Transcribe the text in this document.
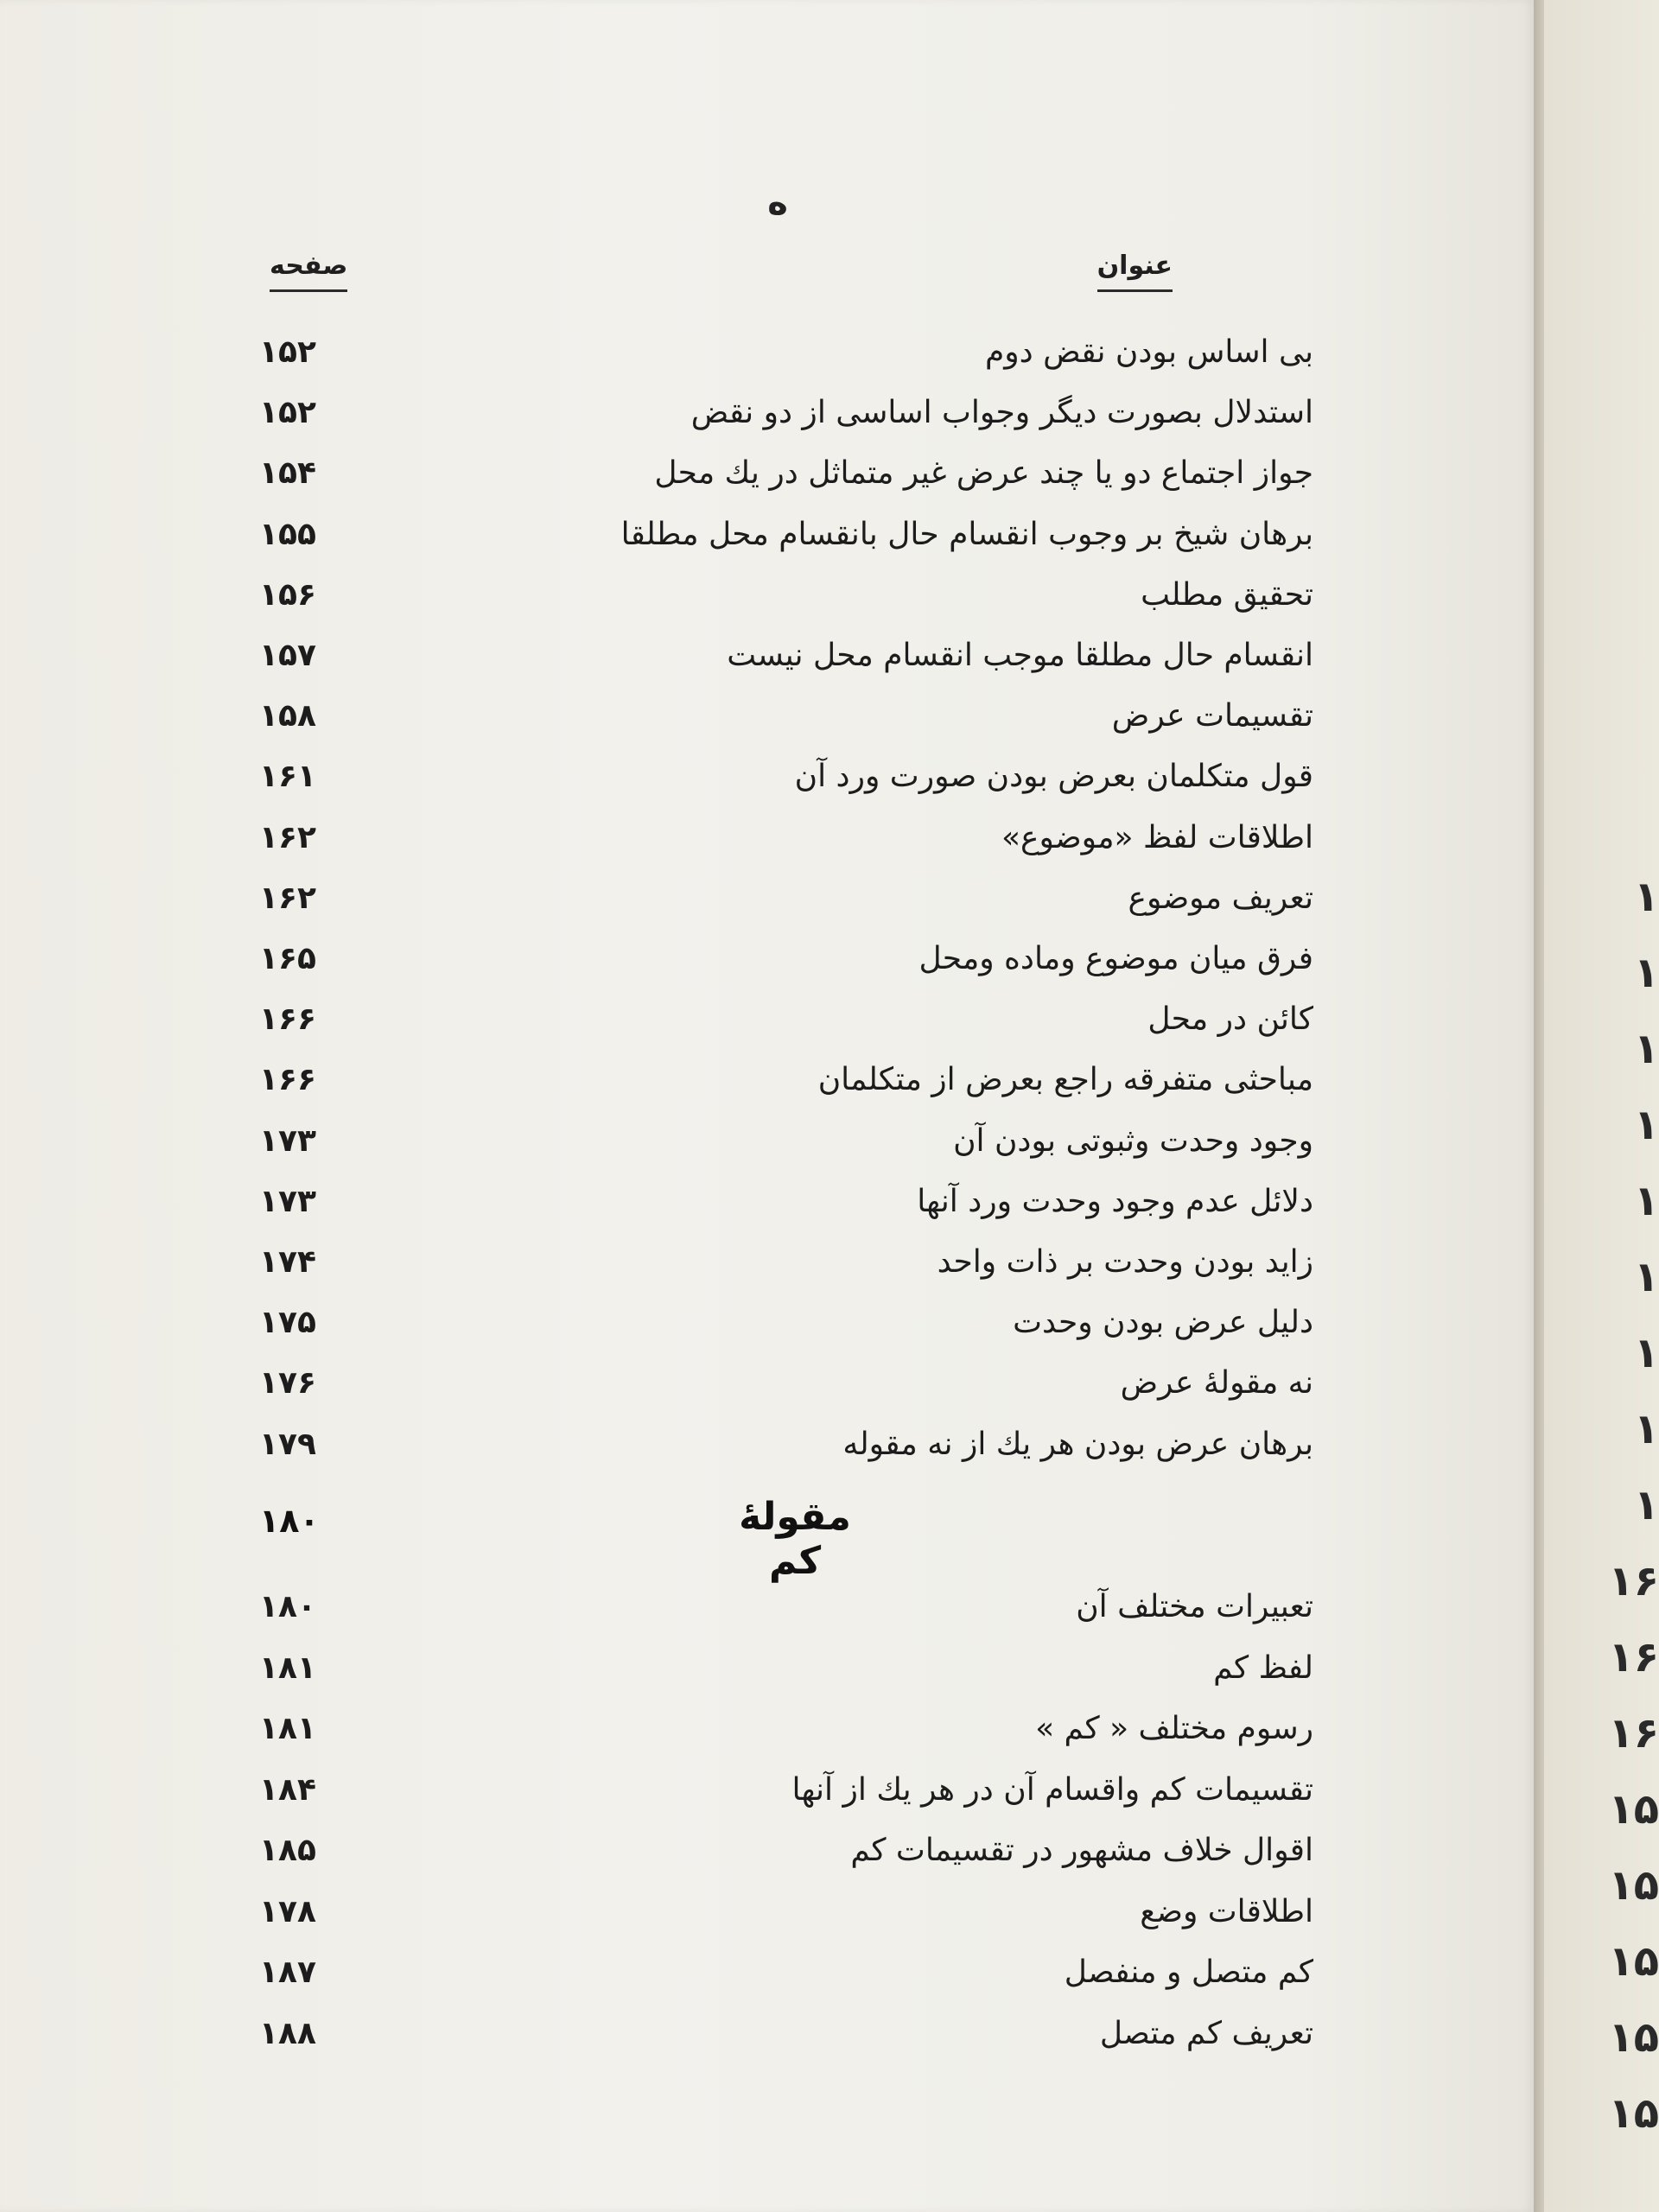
ه
عنوان
صفحه
بی اساس بودن نقض دوم
۱۵۲
استدلال بصورت دیگر وجواب اساسی از دو نقض
۱۵۲
جواز اجتماع دو یا چند عرض غیر متماثل در یك محل
۱۵۴
برهان شیخ بر وجوب انقسام حال بانقسام محل مطلقا
۱۵۵
تحقیق مطلب
۱۵۶
انقسام حال مطلقا موجب انقسام محل نیست
۱۵۷
تقسیمات عرض
۱۵۸
قول متکلمان بعرض بودن صورت ورد آن
۱۶۱
اطلاقات لفظ «موضوع»
۱۶۲
تعریف موضوع
۱۶۲
فرق میان موضوع وماده ومحل
۱۶۵
کائن در محل
۱۶۶
مباحثی متفرقه راجع بعرض از متکلمان
۱۶۶
وجود وحدت وثبوتی بودن آن
۱۷۳
دلائل عدم وجود وحدت ورد آنها
۱۷۳
زاید بودن وحدت بر ذات واحد
۱۷۴
دلیل عرض بودن وحدت
۱۷۵
نه مقولهٔ عرض
۱۷۶
برهان عرض بودن هر یك از نه مقوله
۱۷۹
۱۸۰	مقولهٔ کم
تعبیرات مختلف آن
۱۸۰
لفظ کم
۱۸۱
رسوم مختلف « کم »
۱۸۱
تقسیمات کم واقسام آن در هر یك از آنها
۱۸۴
اقوال خلاف مشهور در تقسیمات کم
۱۸۵
اطلاقات وضع
۱۷۸
کم متصل و منفصل
۱۸۷
تعریف کم متصل
۱۸۸
۱
۱
۱
۱
۱
۱
۱
۱
۱
۱۶
۱۶
۱۶
۱۵
۱۵
۱۵
۱۵
۱۵
